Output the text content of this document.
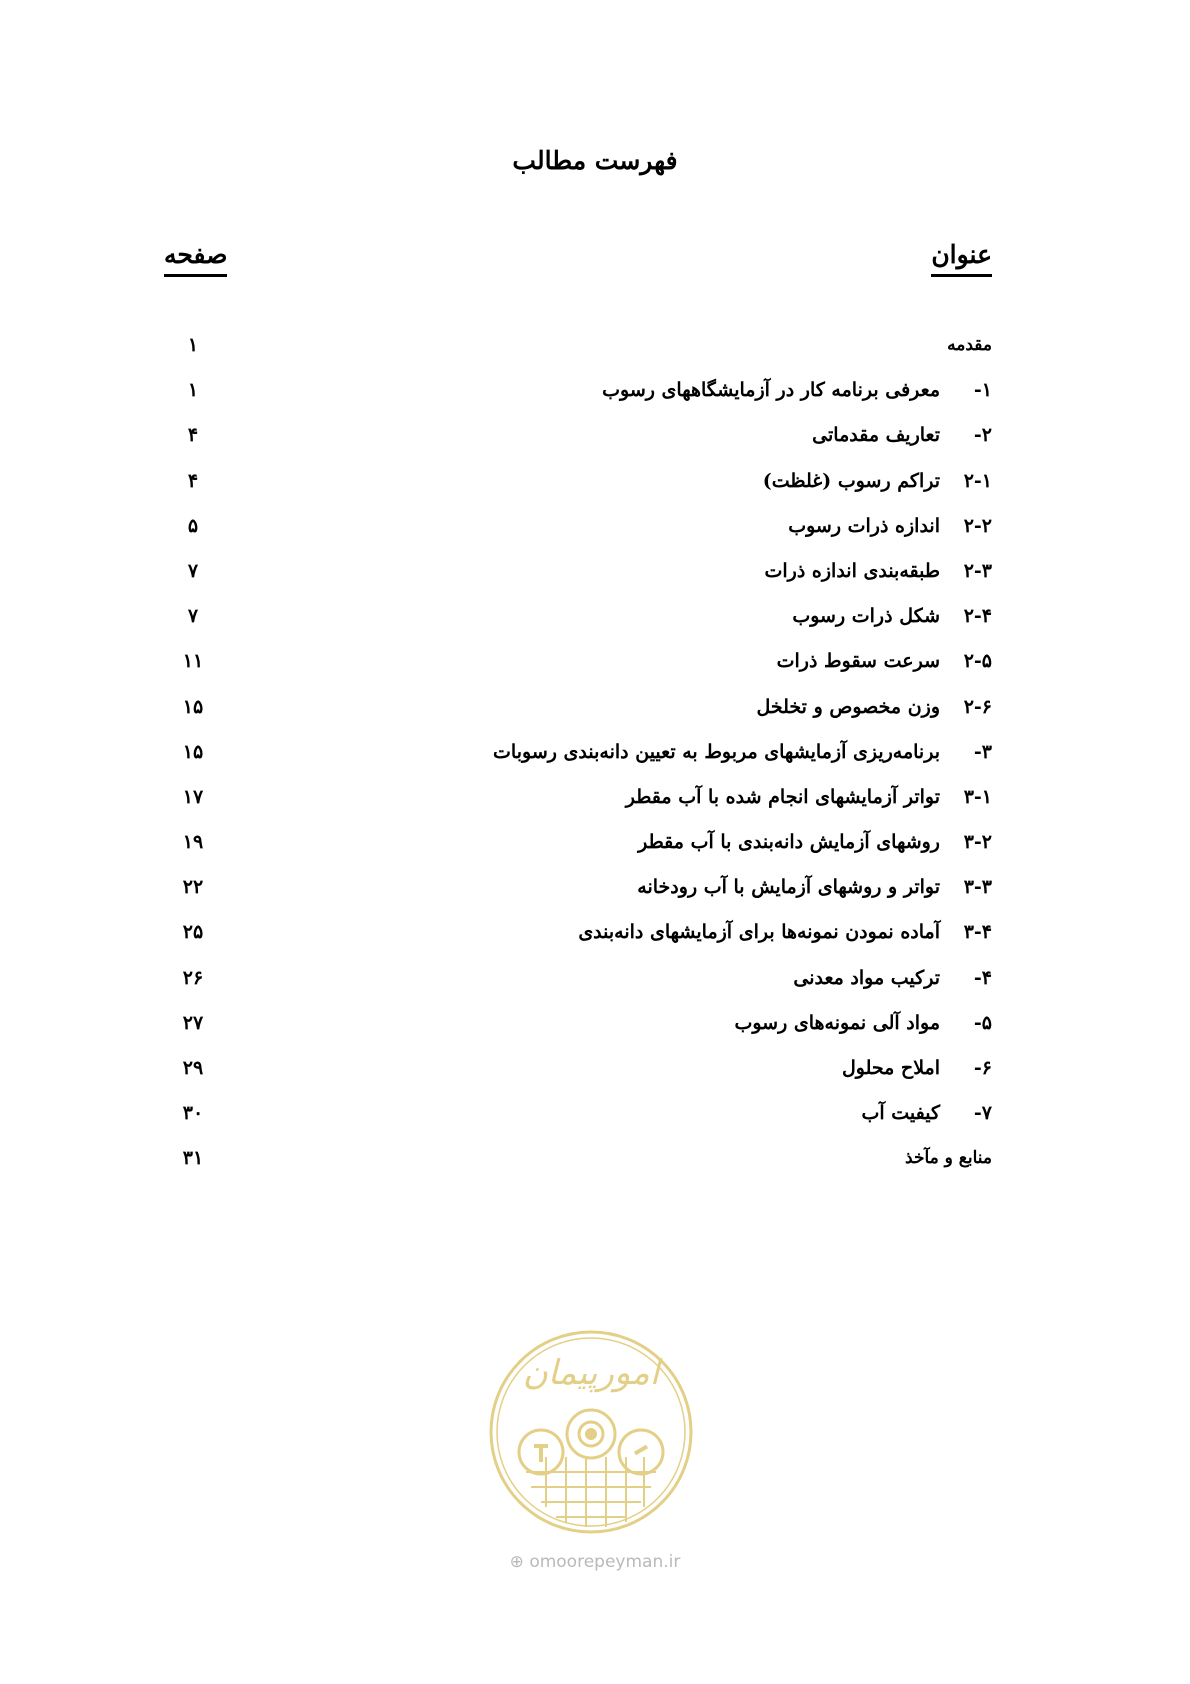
فهرست مطالب
عنوان
صفحه
مقدمه
۱
۱-
معرفی برنامه کار در آزمایشگاههای رسوب
۱
۲-
تعاریف مقدماتی
۴
۲-۱
تراکم رسوب (غلظت)
۴
۲-۲
اندازه ذرات رسوب
۵
۲-۳
طبقه‌بندی اندازه ذرات
۷
۲-۴
شکل ذرات رسوب
۷
۲-۵
سرعت سقوط ذرات
۱۱
۲-۶
وزن مخصوص و تخلخل
۱۵
۳-
برنامه‌ریزی آزمایشهای مربوط به تعیین دانه‌بندی رسوبات
۱۵
۳-۱
تواتر آزمایشهای انجام شده با آب مقطر
۱۷
۳-۲
روشهای آزمایش دانه‌بندی با آب مقطر
۱۹
۳-۳
تواتر و روشهای آزمایش با آب رودخانه
۲۲
۳-۴
آماده نمودن نمونه‌ها برای آزمایشهای دانه‌بندی
۲۵
۴-
ترکیب مواد معدنی
۲۶
۵-
مواد آلی نمونه‌های رسوب
۲۷
۶-
املاح محلول
۲۹
۷-
کیفیت آب
۳۰
منابع و مآخذ
۳۱
امورپیمان
⊕ omoorepeyman.ir
